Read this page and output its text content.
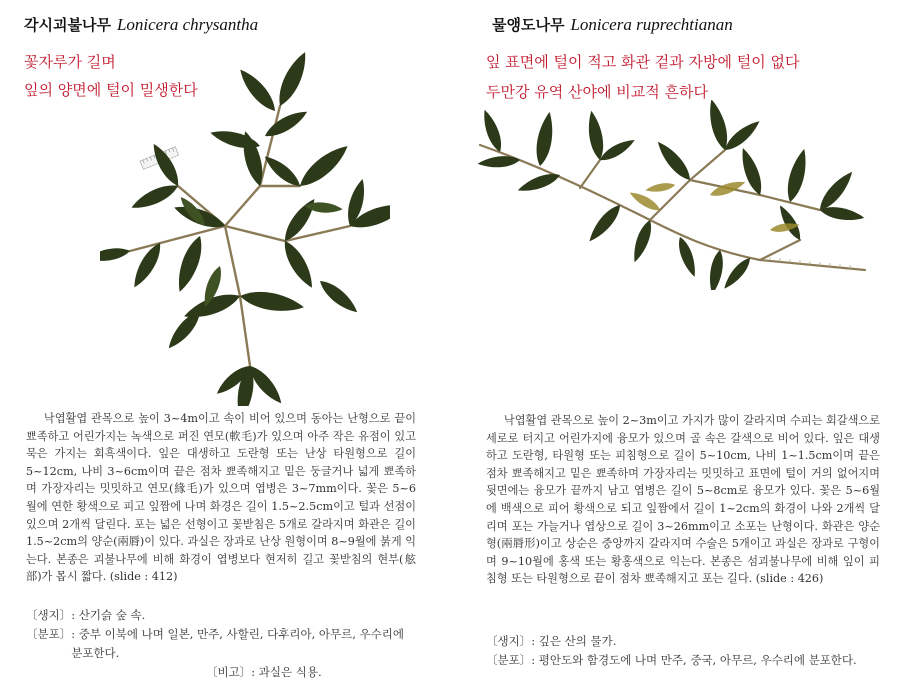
각시괴불나무 Lonicera chrysantha
꽃자루가 길며
잎의 양면에 털이 밀생한다

낙엽활엽 관목으로 높이 3~4m이고 속이 비어 있으며 동아는 난형으로 끝이 뾰족하고 어린가지는 녹색으로 퍼진 연모(軟毛)가 있으며 아주 작은 유점이 있고 묵은 가지는 회흑색이다. 잎은 대생하고 도란형 또는 난상 타원형으로 길이 5~12cm, 나비 3~6cm이며 끝은 점차 뾰족해지고 밑은 둥글거나 넓게 뾰족하며 가장자리는 밋밋하고 연모(緣毛)가 있으며 엽병은 3~7mm이다. 꽃은 5~6월에 연한 황색으로 피고 잎짬에 나며 화경은 길이 1.5~2.5cm이고 털과 선점이 있으며 2개씩 달린다. 포는 넓은 선형이고 꽃받침은 5개로 갈라지며 화관은 길이 1.5~2cm의 양순(兩脣)이 있다. 과실은 장과로 난상 원형이며 8~9월에 붉게 익는다. 본종은 괴불나무에 비해 화경이 엽병보다 현저히 길고 꽃받침의 현부(舷部)가 몹시 짧다. (slide : 412)

〔생지〕 : 산기슭 숲 속.
〔분포〕 : 중부 이북에 나며 일본, 만주, 사할린, 다후리아, 아무르, 우수리에 분포한다.
〔비고〕 : 과실은 식용.
물앵도나무 Lonicera ruprechtianan
잎 표면에 털이 적고 화관 겉과 자방에 털이 없다
두만강 유역 산야에 비교적 흔하다

낙엽활엽 관목으로 높이 2~3m이고 가지가 많이 갈라지며 수피는 회갈색으로 세로로 터지고 어린가지에 융모가 있으며 골 속은 갈색으로 비어 있다. 잎은 대생하고 도란형, 타원형 또는 피침형으로 길이 5~10cm, 나비 1~1.5cm이며 끝은 점차 뾰족해지고 밑은 뾰족하며 가장자리는 밋밋하고 표면에 털이 거의 없어지며 뒷면에는 융모가 끝까지 남고 엽병은 길이 5~8cm로 융모가 있다. 꽃은 5~6월에 백색으로 피어 황색으로 되고 잎짬에서 길이 1~2cm의 화경이 나와 2개씩 달리며 포는 가늘거나 엽상으로 길이 3~26mm이고 소포는 난형이다. 화관은 양순형(兩脣形)이고 상순은 중앙까지 갈라지며 수술은 5개이고 과실은 장과로 구형이며 9~10월에 홍색 또는 황홍색으로 익는다. 본종은 섬괴불나무에 비해 잎이 피침형 또는 타원형으로 끝이 점차 뾰족해지고 포는 길다. (slide : 426)

〔생지〕 : 깊은 산의 물가.
〔분포〕 : 평안도와 함경도에 나며 만주, 중국, 아무르, 우수리에 분포한다.
